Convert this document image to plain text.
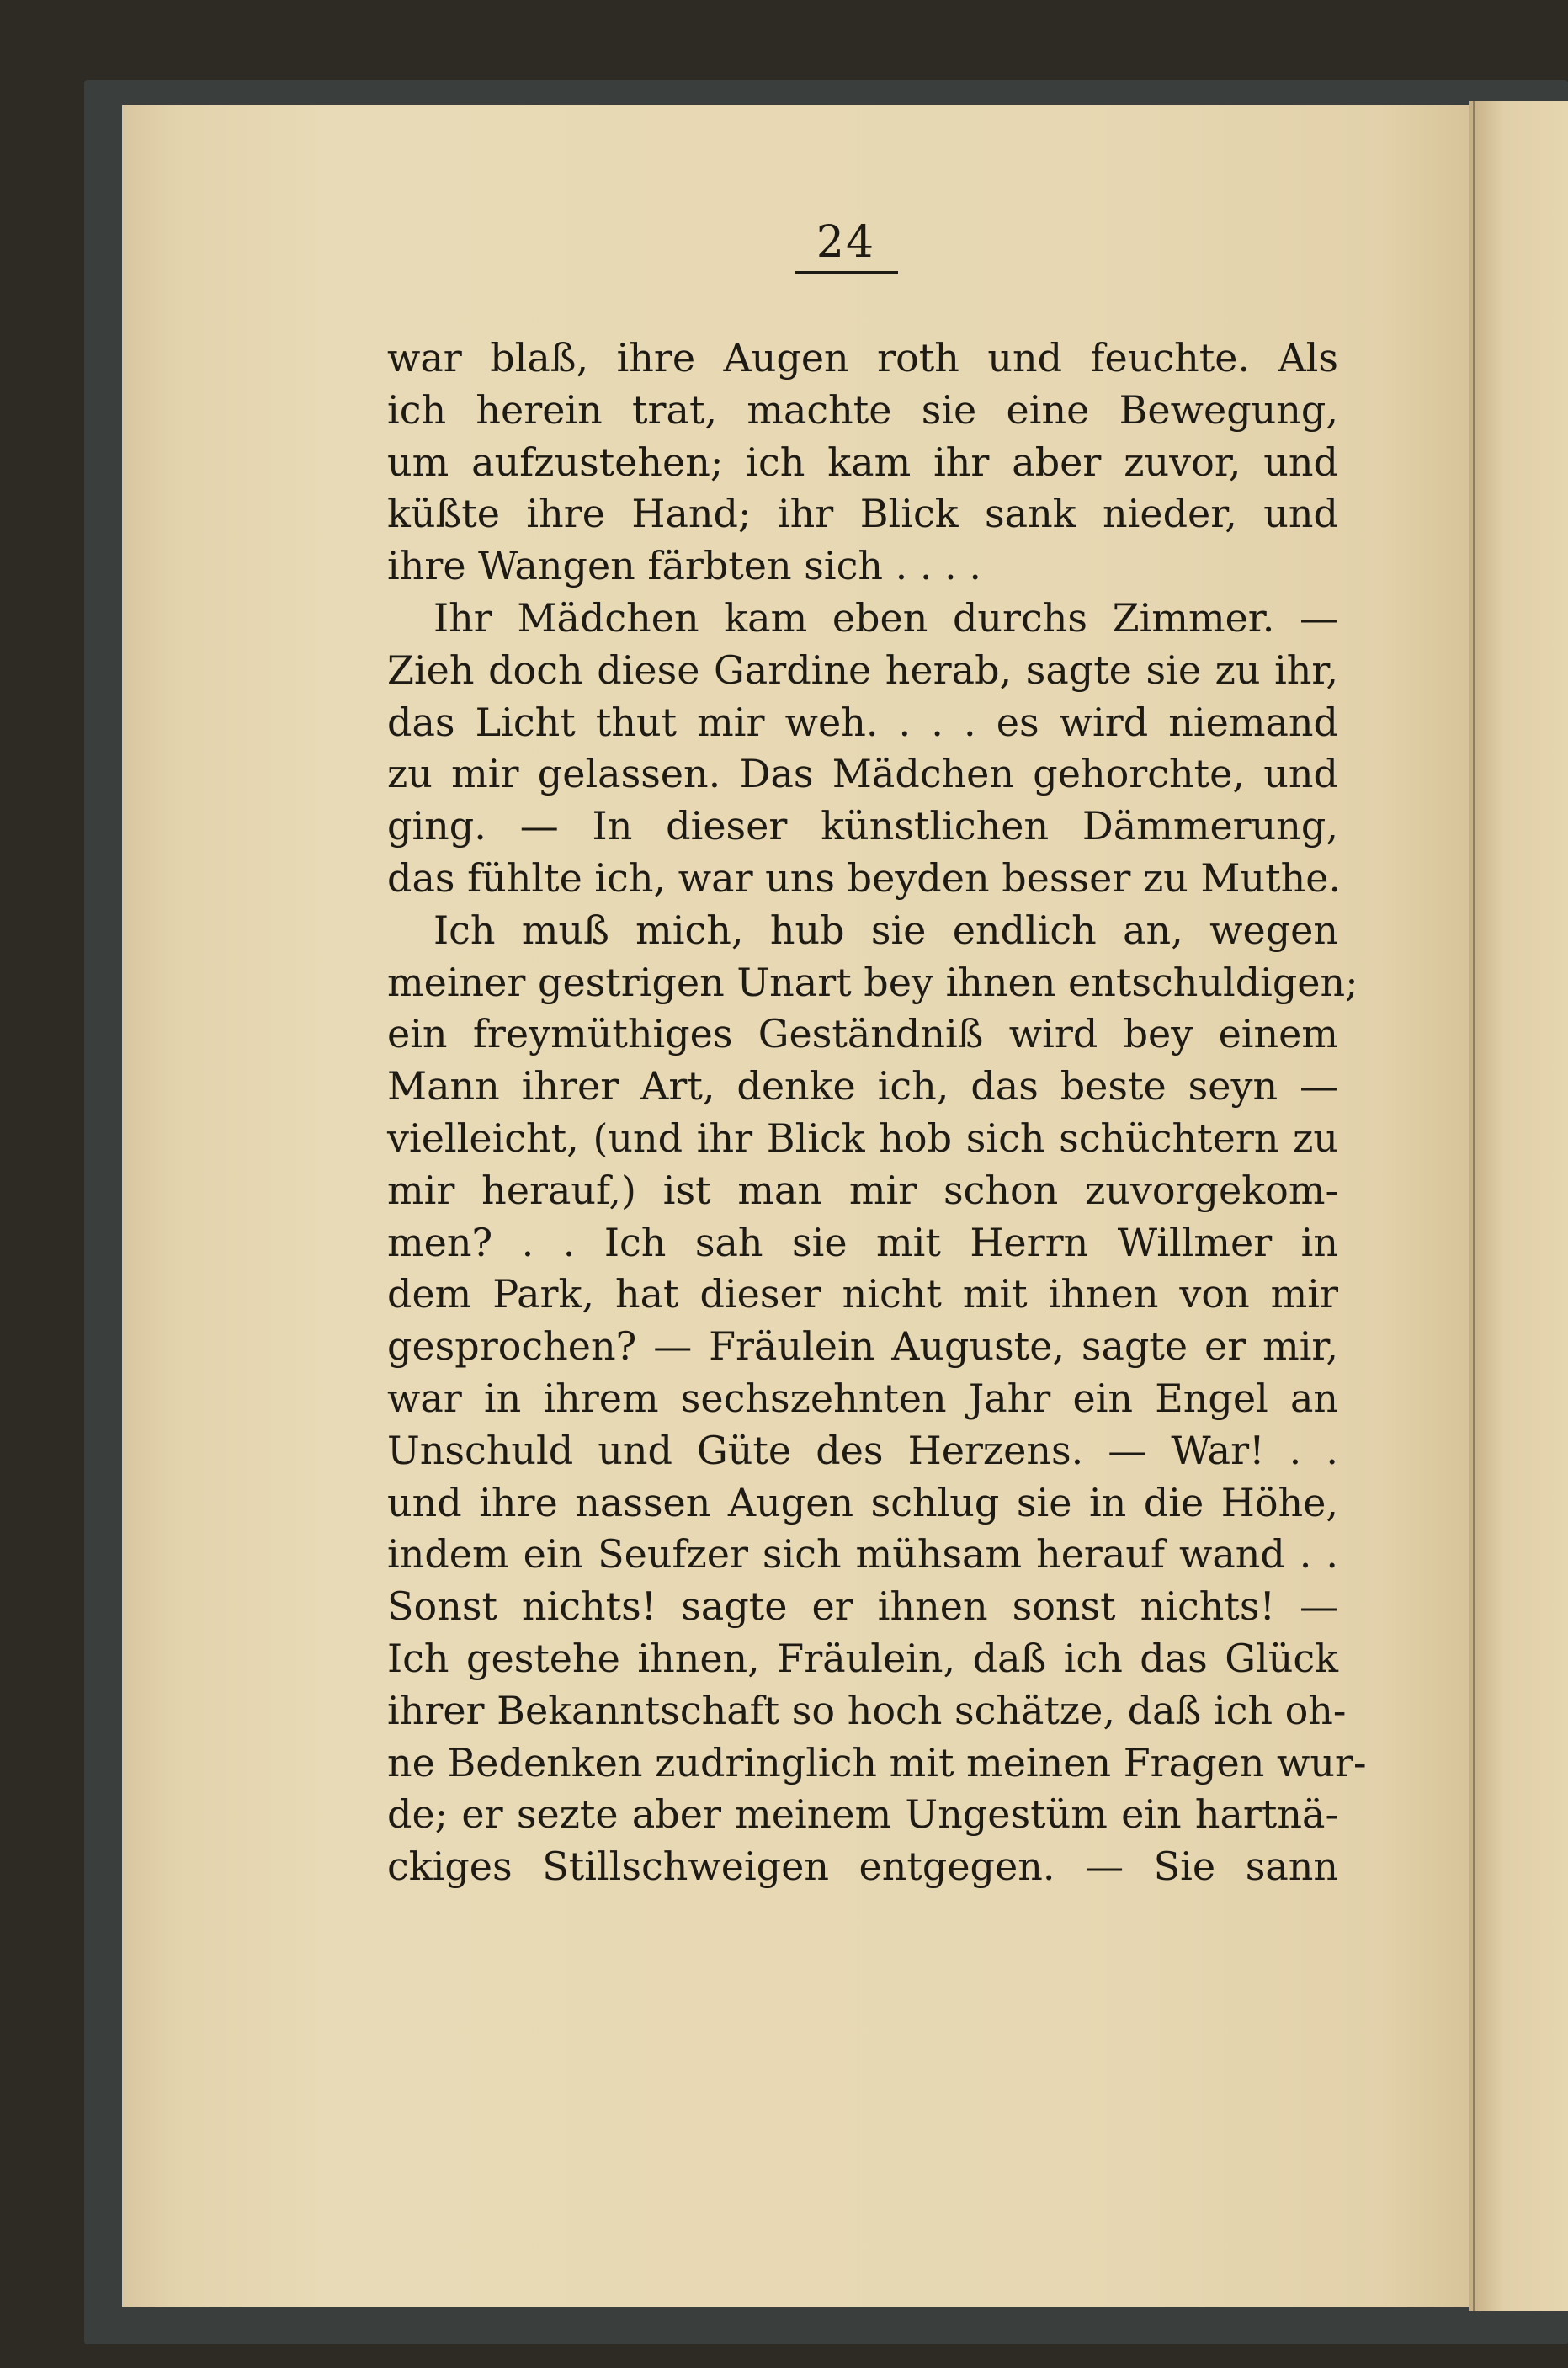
24
war blaß, ihre Augen roth und feuchte. Als
ich herein trat, machte sie eine Bewegung,
um aufzustehen; ich kam ihr aber zuvor, und
küßte ihre Hand; ihr Blick sank nieder, und
ihre Wangen färbten sich . . . .
Ihr Mädchen kam eben durchs Zimmer. —
Zieh doch diese Gardine herab, sagte sie zu ihr,
das Licht thut mir weh. . . . es wird niemand
zu mir gelassen. Das Mädchen gehorchte, und
ging. — In dieser künstlichen Dämmerung,
das fühlte ich, war uns beyden besser zu Muthe.
Ich muß mich, hub sie endlich an, wegen
meiner gestrigen Unart bey ihnen entschuldigen;
ein freymüthiges Geständniß wird bey einem
Mann ihrer Art, denke ich, das beste seyn —
vielleicht, (und ihr Blick hob sich schüchtern zu
mir herauf,) ist man mir schon zuvorgekom-
men? . . Ich sah sie mit Herrn Willmer in
dem Park, hat dieser nicht mit ihnen von mir
gesprochen? — Fräulein Auguste, sagte er mir,
war in ihrem sechszehnten Jahr ein Engel an
Unschuld und Güte des Herzens. — War! . .
und ihre nassen Augen schlug sie in die Höhe,
indem ein Seufzer sich mühsam herauf wand . .
Sonst nichts! sagte er ihnen sonst nichts! —
Ich gestehe ihnen, Fräulein, daß ich das Glück
ihrer Bekanntschaft so hoch schätze, daß ich oh-
ne Bedenken zudringlich mit meinen Fragen wur-
de; er sezte aber meinem Ungestüm ein hartnä-
ckiges Stillschweigen entgegen. — Sie sann
